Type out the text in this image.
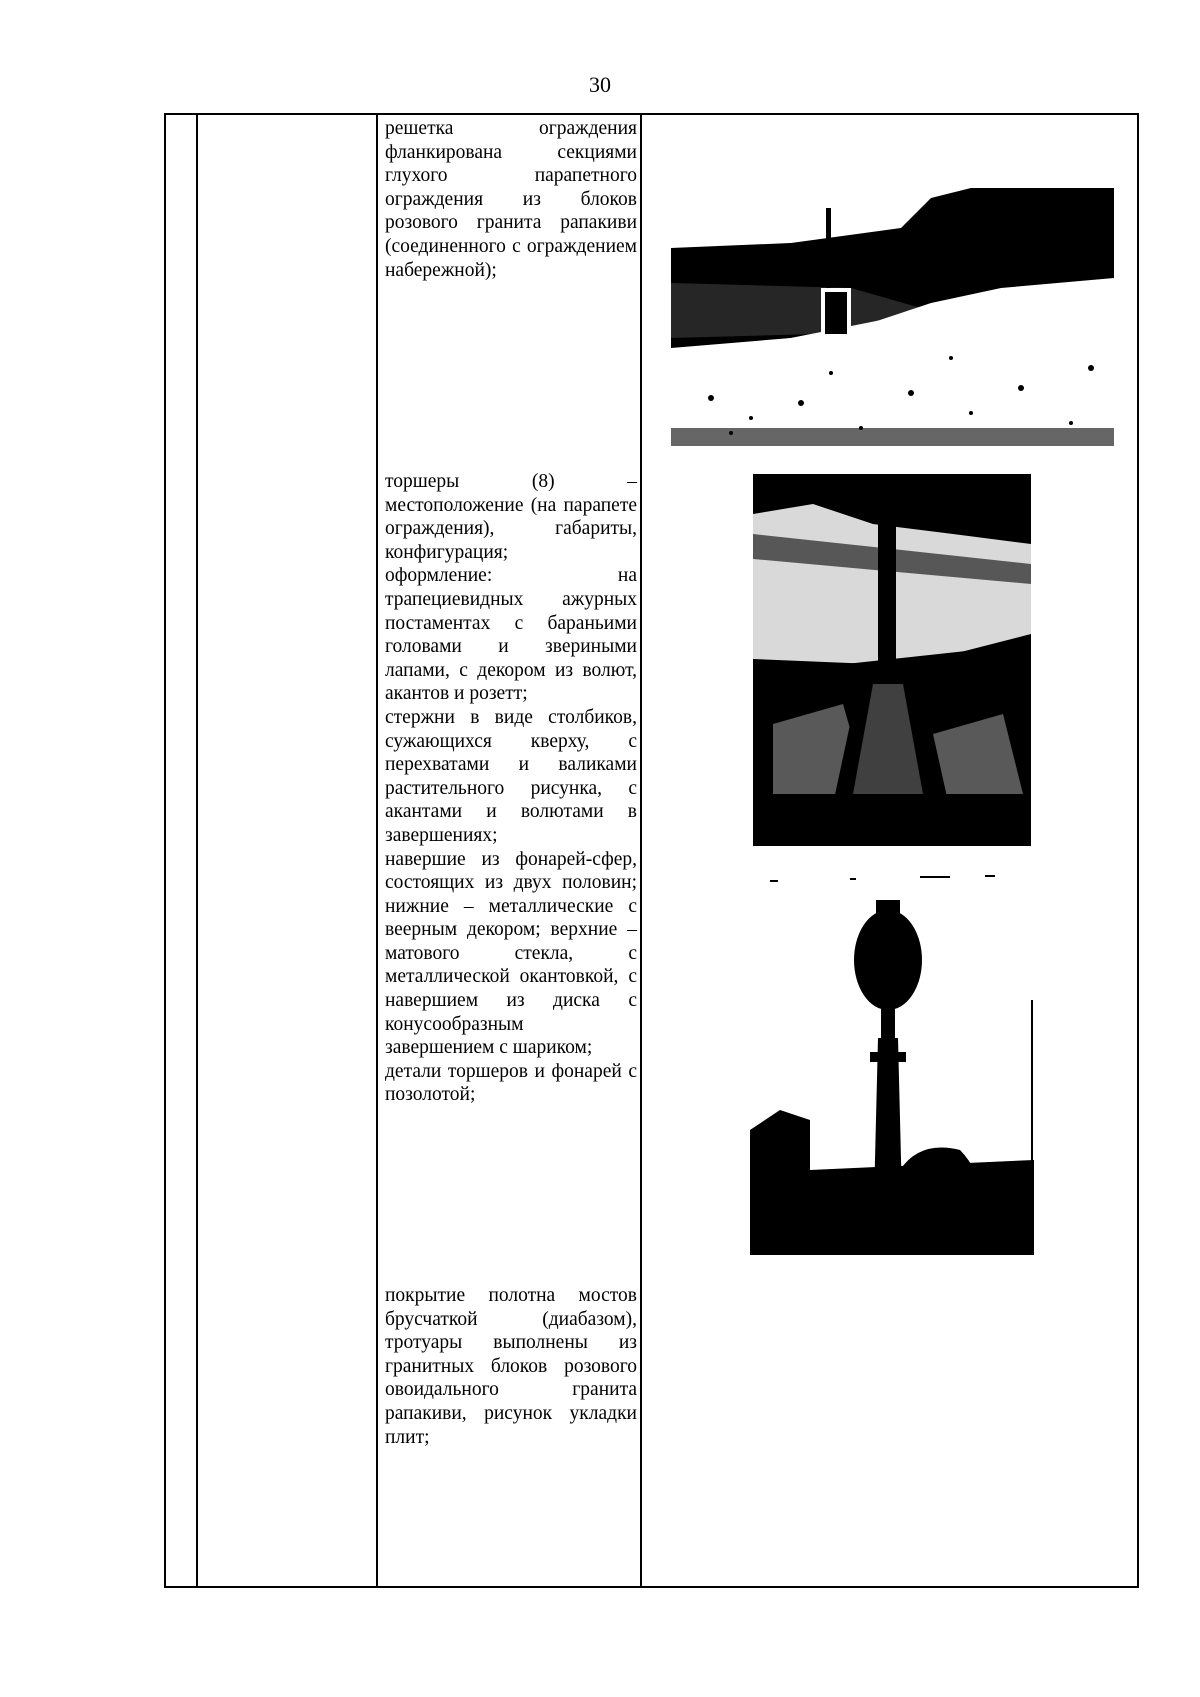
30

решетка ограждения фланкирована секциями глухого парапетного ограждения из блоков розового гранита рапакиви (соединенного с ограждением набережной);

торшеры (8) – местоположение (на парапете ограждения), габариты, конфигурация;

оформление: на трапециевидных ажурных постаментах с бараньими головами и звериными лапами, с декором из волют, акантов и розетт;

стержни в виде столбиков, сужающихся кверху, с перехватами и валиками растительного рисунка, с акантами и волютами в завершениях;

навершие из фонарей-сфер, состоящих из двух половин; нижние – металлические с веерным декором; верхние – матового стекла, с металлической окантовкой, с навершием из диска с конусообразным завершением с шариком;

детали торшеров и фонарей с позолотой;

покрытие полотна мостов брусчаткой (диабазом), тротуары выполнены из гранитных блоков розового овоидального гранита рапакиви, рисунок укладки плит;
